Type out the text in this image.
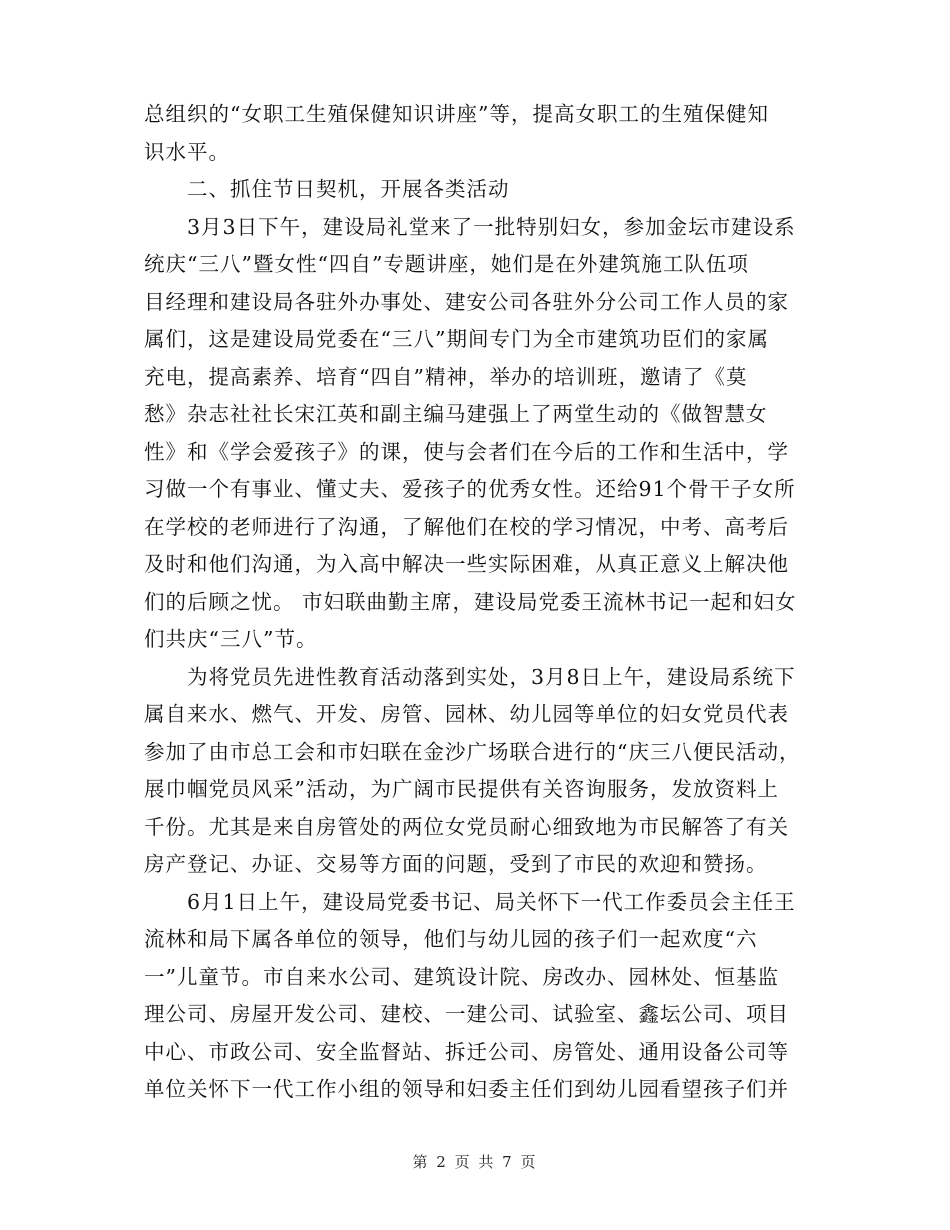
总组织的“女职工生殖保健知识讲座”等，提高女职工的生殖保健知
识水平。
　　二、抓住节日契机，开展各类活动
　　3月3日下午，建设局礼堂来了一批特别妇女，参加金坛市建设系
统庆“三八”暨女性“四自”专题讲座，她们是在外建筑施工队伍项
目经理和建设局各驻外办事处、建安公司各驻外分公司工作人员的家
属们，这是建设局党委在“三八”期间专门为全市建筑功臣们的家属
充电，提高素养、培育“四自”精神，举办的培训班，邀请了《莫
愁》杂志社社长宋江英和副主编马建强上了两堂生动的《做智慧女
性》和《学会爱孩子》的课，使与会者们在今后的工作和生活中，学
习做一个有事业、懂丈夫、爱孩子的优秀女性。还给91个骨干子女所
在学校的老师进行了沟通，了解他们在校的学习情况，中考、高考后
及时和他们沟通，为入高中解决一些实际困难，从真正意义上解决他
们的后顾之忧。 市妇联曲勤主席，建设局党委王流林书记一起和妇女
们共庆“三八”节。
　　为将党员先进性教育活动落到实处，3月8日上午，建设局系统下
属自来水、燃气、开发、房管、园林、幼儿园等单位的妇女党员代表
参加了由市总工会和市妇联在金沙广场联合进行的“庆三八便民活动，
展巾帼党员风采”活动，为广阔市民提供有关咨询服务，发放资料上
千份。尤其是来自房管处的两位女党员耐心细致地为市民解答了有关
房产登记、办证、交易等方面的问题，受到了市民的欢迎和赞扬。
　　6月1日上午，建设局党委书记、局关怀下一代工作委员会主任王
流林和局下属各单位的领导，他们与幼儿园的孩子们一起欢度“六
一”儿童节。市自来水公司、建筑设计院、房改办、园林处、恒基监
理公司、房屋开发公司、建校、一建公司、试验室、鑫坛公司、项目
中心、市政公司、安全监督站、拆迁公司、房管处、通用设备公司等
单位关怀下一代工作小组的领导和妇委主任们到幼儿园看望孩子们并
第 2 页 共 7 页
